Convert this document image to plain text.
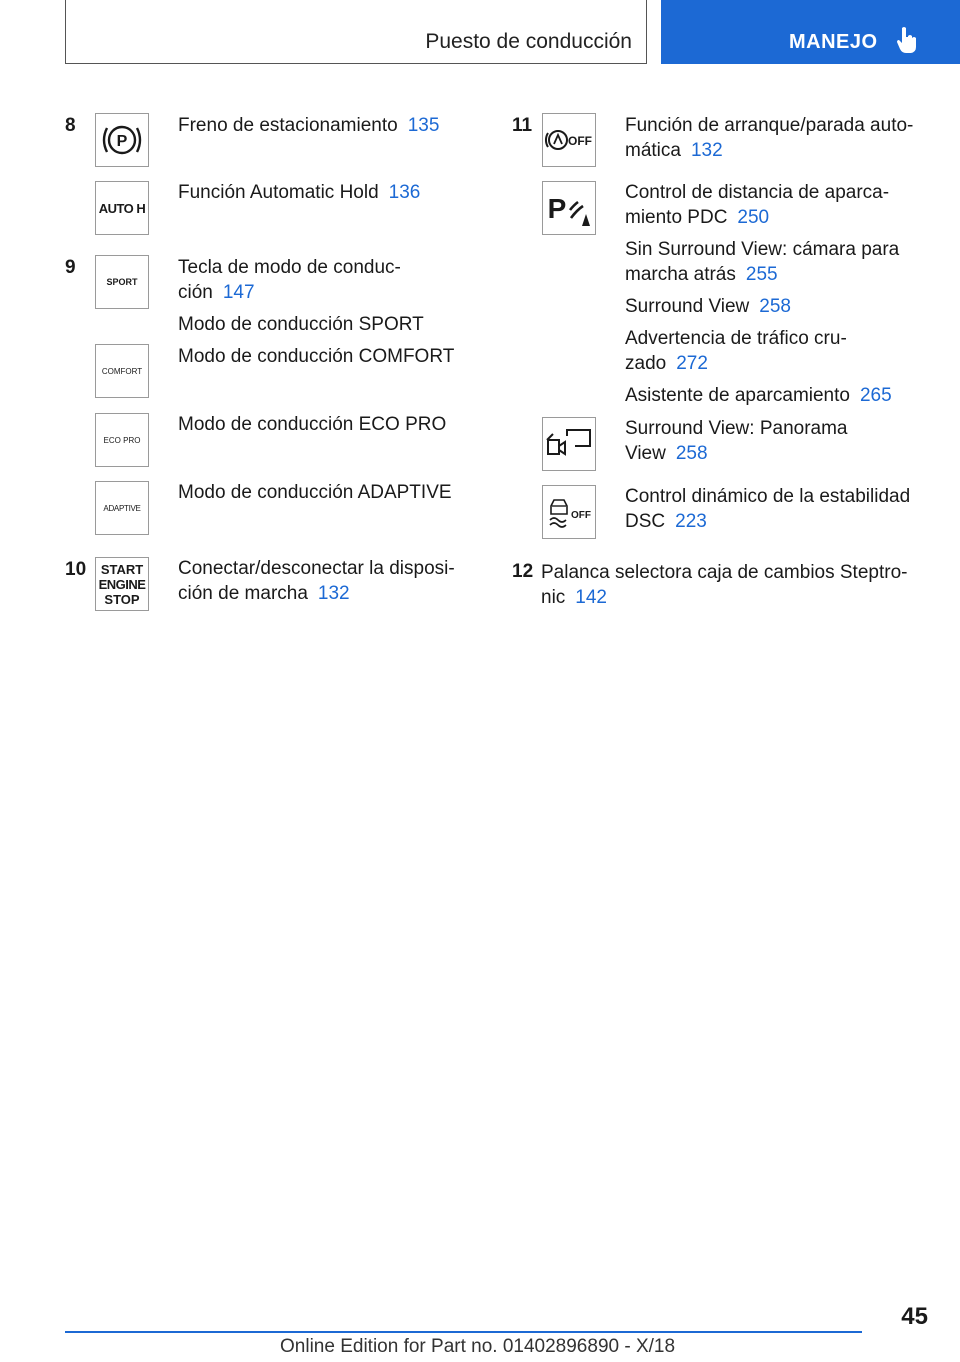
Puesto de conducción	MANEJO
8
P
Freno de estacionamiento 135
AUTO H
Función Automatic Hold 136
9
SPORT
Tecla de modo de conduc-
ción 147
Modo de conducción SPORT
COMFORT
Modo de conducción COMFORT
ECO PRO
Modo de conducción ECO PRO
ADAPTIVE
Modo de conducción ADAPTIVE
10 START
ENGINE
STOP
Conectar/desconectar la disposi-
ción de marcha 132
11
OFF
Función de arranque/parada auto-
mática 132
P
Control de distancia de aparca-
miento PDC 250
Sin Surround View: cámara para
marcha atrás 255
Surround View 258
Advertencia de tráfico cru-
zado 272
Asistente de aparcamiento 265
Surround View: Panorama
View 258
OFF
Control dinámico de la estabilidad
DSC 223
12 Palanca selectora caja de cambios Steptro-
nic 142
45
Online Edition for Part no. 01402896890 - X/18
